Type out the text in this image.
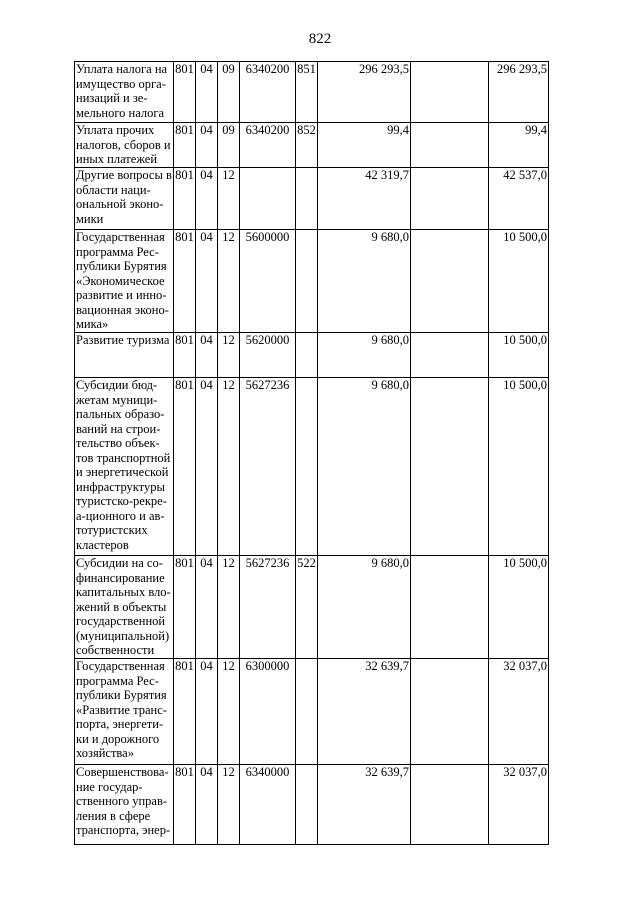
822
Уплата налога на имущество орга-низаций и зе-мельного налога	801	04	09	6340200	851	296 293,5		296 293,5
Уплата прочих налогов, сборов и иных платежей	801	04	09	6340200	852	99,4		99,4
Другие вопросы в области наци-ональной эконо-мики	801	04	12			42 319,7		42 537,0
Государственная программа Рес-публики Бурятия «Экономическое развитие и инно-вационная эконо-мика»	801	04	12	5600000		9 680,0		10 500,0
Развитие туризма	801	04	12	5620000		9 680,0		10 500,0
Субсидии бюд-жетам муници-пальных образо-ваний на строи-тельство объек-тов транспортной и энергетической инфраструктуры туристско-рекре-а-ционного и ав-тотуристских кластеров	801	04	12	5627236		9 680,0		10 500,0
Субсидии на со-финансирование капитальных вло-жений в объекты государственной (муниципальной) собственности	801	04	12	5627236	522	9 680,0		10 500,0
Государственная программа Рес-публики Бурятия «Развитие транс-порта, энергети-ки и дорожного хозяйства»	801	04	12	6300000		32 639,7		32 037,0
Совершенствова-ние государ-ственного управ-ления в сфере транспорта, энер-	801	04	12	6340000		32 639,7		32 037,0
